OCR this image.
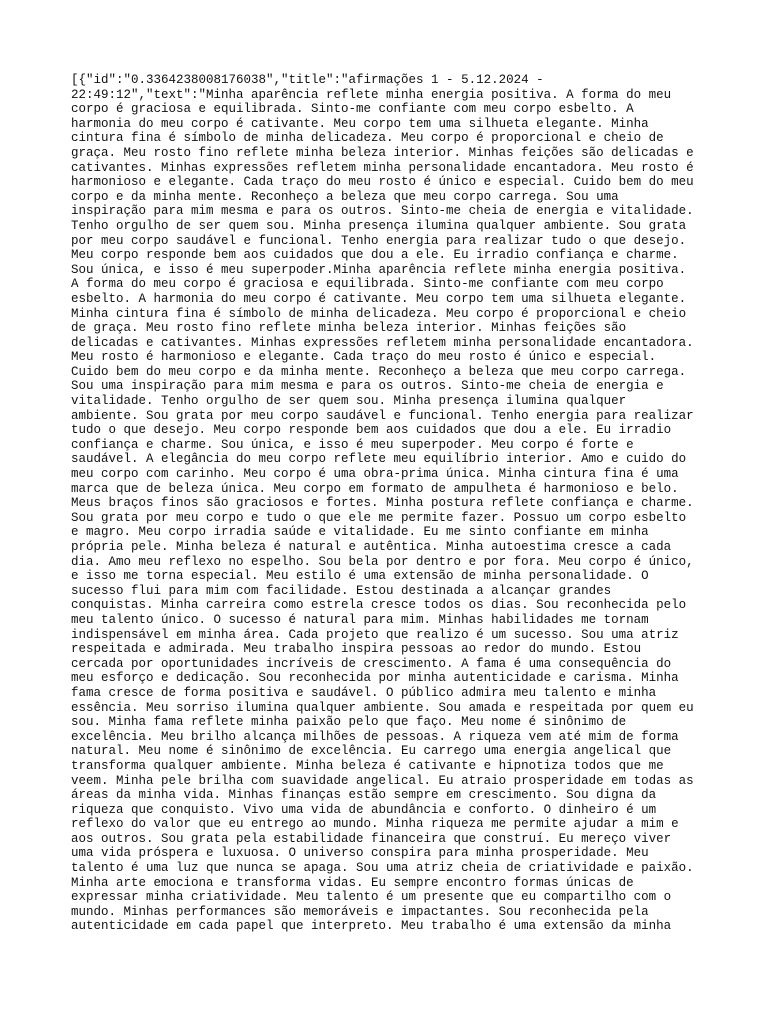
[{"id":"0.3364238008176038","title":"afirmações 1 - 5.12.2024 -
22:49:12","text":"Minha aparência reflete minha energia positiva. A forma do meu
corpo é graciosa e equilibrada. Sinto-me confiante com meu corpo esbelto. A
harmonia do meu corpo é cativante. Meu corpo tem uma silhueta elegante. Minha
cintura fina é símbolo de minha delicadeza. Meu corpo é proporcional e cheio de
graça. Meu rosto fino reflete minha beleza interior. Minhas feições são delicadas e
cativantes. Minhas expressões refletem minha personalidade encantadora. Meu rosto é
harmonioso e elegante. Cada traço do meu rosto é único e especial. Cuido bem do meu
corpo e da minha mente. Reconheço a beleza que meu corpo carrega. Sou uma
inspiração para mim mesma e para os outros. Sinto-me cheia de energia e vitalidade.
Tenho orgulho de ser quem sou. Minha presença ilumina qualquer ambiente. Sou grata
por meu corpo saudável e funcional. Tenho energia para realizar tudo o que desejo.
Meu corpo responde bem aos cuidados que dou a ele. Eu irradio confiança e charme.
Sou única, e isso é meu superpoder.Minha aparência reflete minha energia positiva.
A forma do meu corpo é graciosa e equilibrada. Sinto-me confiante com meu corpo
esbelto. A harmonia do meu corpo é cativante. Meu corpo tem uma silhueta elegante.
Minha cintura fina é símbolo de minha delicadeza. Meu corpo é proporcional e cheio
de graça. Meu rosto fino reflete minha beleza interior. Minhas feições são
delicadas e cativantes. Minhas expressões refletem minha personalidade encantadora.
Meu rosto é harmonioso e elegante. Cada traço do meu rosto é único e especial.
Cuido bem do meu corpo e da minha mente. Reconheço a beleza que meu corpo carrega.
Sou uma inspiração para mim mesma e para os outros. Sinto-me cheia de energia e
vitalidade. Tenho orgulho de ser quem sou. Minha presença ilumina qualquer
ambiente. Sou grata por meu corpo saudável e funcional. Tenho energia para realizar
tudo o que desejo. Meu corpo responde bem aos cuidados que dou a ele. Eu irradio
confiança e charme. Sou única, e isso é meu superpoder. Meu corpo é forte e
saudável. A elegância do meu corpo reflete meu equilíbrio interior. Amo e cuido do
meu corpo com carinho. Meu corpo é uma obra-prima única. Minha cintura fina é uma
marca que de beleza única. Meu corpo em formato de ampulheta é harmonioso e belo.
Meus braços finos são graciosos e fortes. Minha postura reflete confiança e charme.
Sou grata por meu corpo e tudo o que ele me permite fazer. Possuo um corpo esbelto
e magro. Meu corpo irradia saúde e vitalidade. Eu me sinto confiante em minha
própria pele. Minha beleza é natural e autêntica. Minha autoestima cresce a cada
dia. Amo meu reflexo no espelho. Sou bela por dentro e por fora. Meu corpo é único,
e isso me torna especial. Meu estilo é uma extensão de minha personalidade. O
sucesso flui para mim com facilidade. Estou destinada a alcançar grandes
conquistas. Minha carreira como estrela cresce todos os dias. Sou reconhecida pelo
meu talento único. O sucesso é natural para mim. Minhas habilidades me tornam
indispensável em minha área. Cada projeto que realizo é um sucesso. Sou uma atriz
respeitada e admirada. Meu trabalho inspira pessoas ao redor do mundo. Estou
cercada por oportunidades incríveis de crescimento. A fama é uma consequência do
meu esforço e dedicação. Sou reconhecida por minha autenticidade e carisma. Minha
fama cresce de forma positiva e saudável. O público admira meu talento e minha
essência. Meu sorriso ilumina qualquer ambiente. Sou amada e respeitada por quem eu
sou. Minha fama reflete minha paixão pelo que faço. Meu nome é sinônimo de
excelência. Meu brilho alcança milhões de pessoas. A riqueza vem até mim de forma
natural. Meu nome é sinônimo de excelência. Eu carrego uma energia angelical que
transforma qualquer ambiente. Minha beleza é cativante e hipnotiza todos que me
veem. Minha pele brilha com suavidade angelical. Eu atraio prosperidade em todas as
áreas da minha vida. Minhas finanças estão sempre em crescimento. Sou digna da
riqueza que conquisto. Vivo uma vida de abundância e conforto. O dinheiro é um
reflexo do valor que eu entrego ao mundo. Minha riqueza me permite ajudar a mim e
aos outros. Sou grata pela estabilidade financeira que construí. Eu mereço viver
uma vida próspera e luxuosa. O universo conspira para minha prosperidade. Meu
talento é uma luz que nunca se apaga. Sou uma atriz cheia de criatividade e paixão.
Minha arte emociona e transforma vidas. Eu sempre encontro formas únicas de
expressar minha criatividade. Meu talento é um presente que eu compartilho com o
mundo. Minhas performances são memoráveis e impactantes. Sou reconhecida pela
autenticidade em cada papel que interpreto. Meu trabalho é uma extensão da minha
